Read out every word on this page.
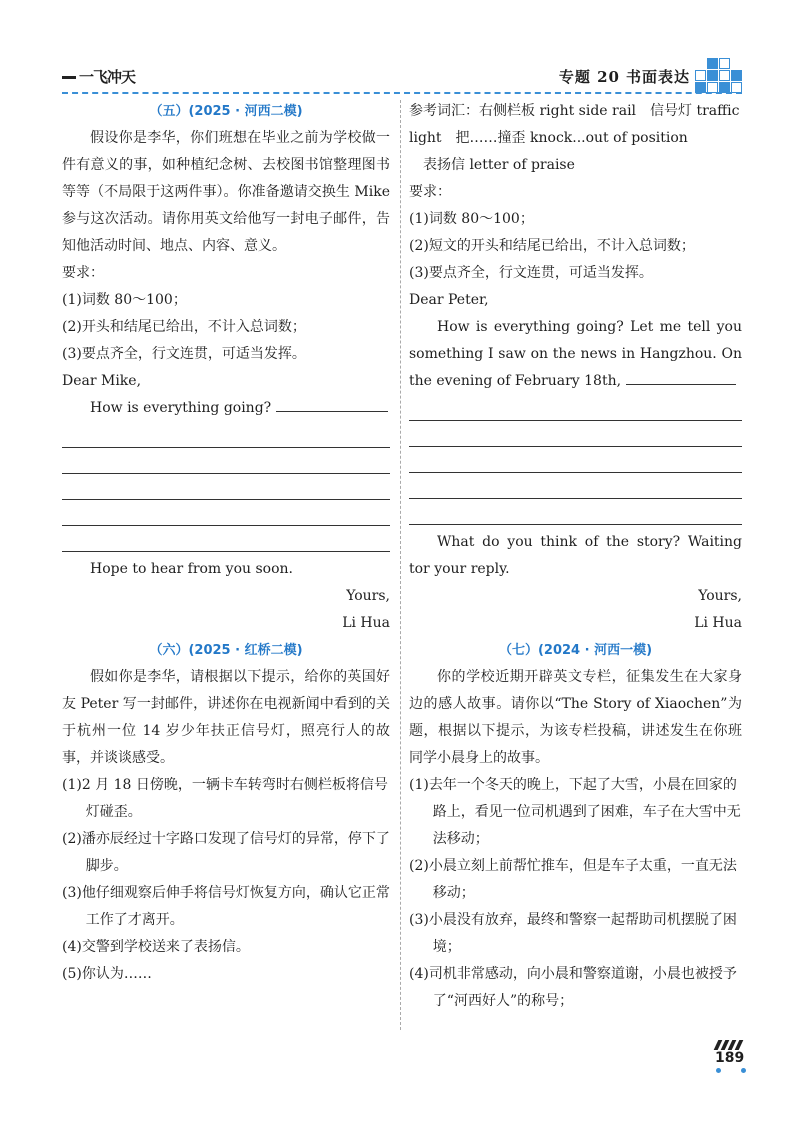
一飞冲天	专题 20 书面表达
（五）(2025 · 河西二模)

假设你是李华，你们班想在毕业之前为学校做一件有意义的事，如种植纪念树、去校图书馆整理图书等等（不局限于这两件事）。你准备邀请交换生 Mike 参与这次活动。请你用英文给他写一封电子邮件，告知他活动时间、地点、内容、意义。

要求：

(1)词数 80～100；

(2)开头和结尾已给出，不计入总词数；

(3)要点齐全，行文连贯，可适当发挥。

Dear Mike,

How is everything going?

Hope to hear from you soon.

Yours,

Li Hua

（六）(2025 · 红桥二模)

假如你是李华，请根据以下提示，给你的英国好友 Peter 写一封邮件，讲述你在电视新闻中看到的关于杭州一位 14 岁少年扶正信号灯，照亮行人的故事，并谈谈感受。

(1)2 月 18 日傍晚，一辆卡车转弯时右侧栏板将信号灯碰歪。

(2)潘亦辰经过十字路口发现了信号灯的异常，停下了脚步。

(3)他仔细观察后伸手将信号灯恢复方向，确认它正常工作了才离开。

(4)交警到学校送来了表扬信。

(5)你认为……

参考词汇：右侧栏板 right side rail　信号灯 traffic light　把……撞歪 knock...out of position

表扬信 letter of praise

要求：

(1)词数 80～100；

(2)短文的开头和结尾已给出，不计入总词数；

(3)要点齐全，行文连贯，可适当发挥。

Dear Peter,

How is everything going? Let me tell you something I saw on the news in Hangzhou. On the evening of February 18th,

What do you think of the story? Waiting tor your reply.

Yours,

Li Hua

（七）(2024 · 河西一模)

你的学校近期开辟英文专栏，征集发生在大家身边的感人故事。请你以“The Story of Xiaochen”为题，根据以下提示，为该专栏投稿，讲述发生在你班同学小晨身上的故事。

(1)去年一个冬天的晚上，下起了大雪，小晨在回家的路上，看见一位司机遇到了困难，车子在大雪中无法移动；

(2)小晨立刻上前帮忙推车，但是车子太重，一直无法移动；

(3)小晨没有放弃，最终和警察一起帮助司机摆脱了困境；

(4)司机非常感动，向小晨和警察道谢，小晨也被授予了“河西好人”的称号；

189
